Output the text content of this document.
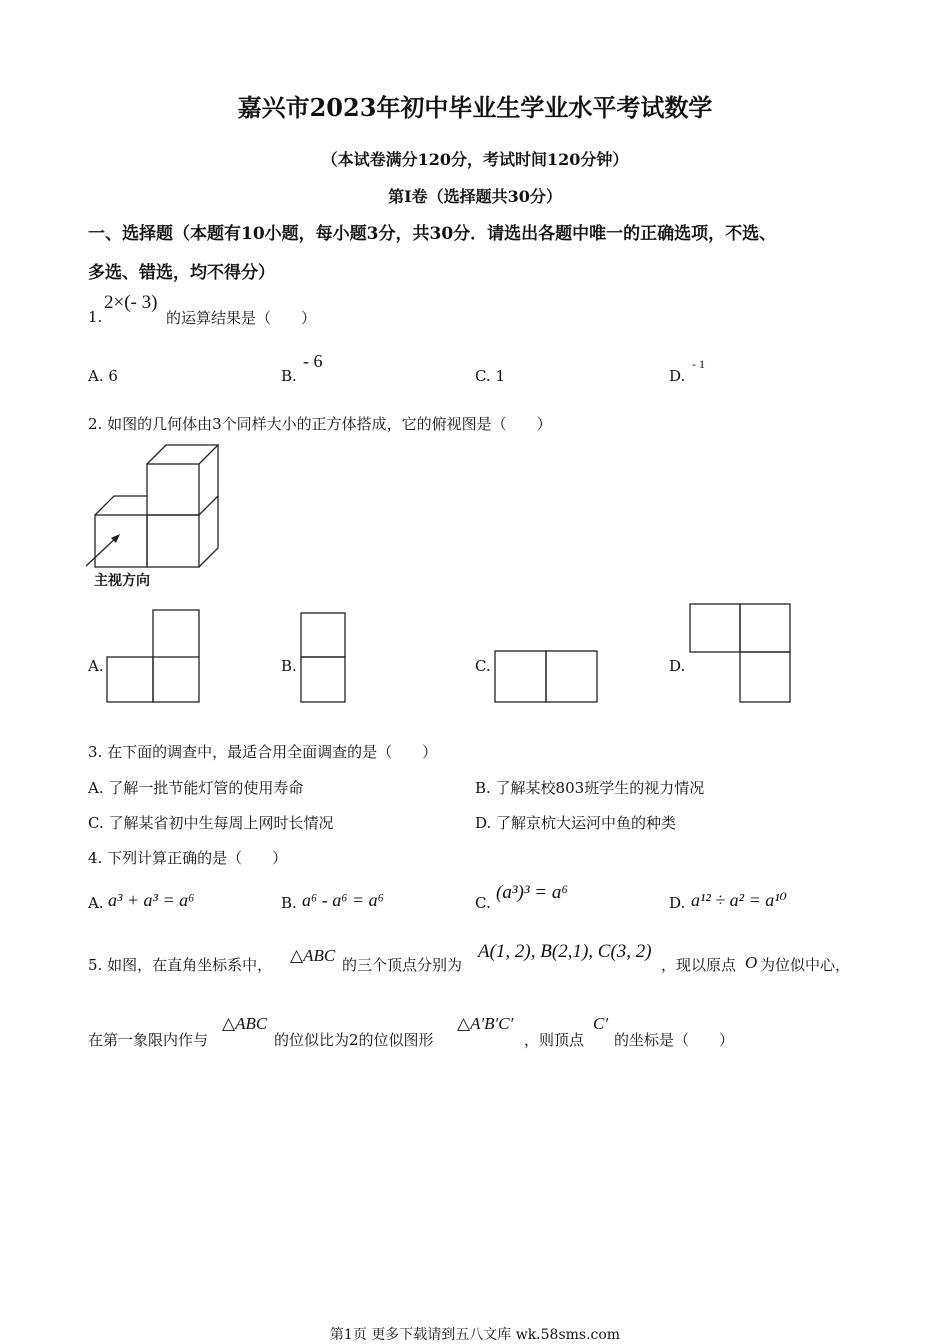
嘉兴市2023年初中毕业生学业水平考试数学
（本试卷满分120分，考试时间120分钟）
第I卷（选择题共30分）
一、选择题（本题有10小题，每小题3分，共30分．请选出各题中唯一的正确选项，不选、
多选、错选，均不得分）
1.
2×(- 3)
的运算结果是（　　）
A. 6	B.
- 6
C. 1	D.
- 1
2. 如图的几何体由3个同样大小的正方体搭成，它的俯视图是（　　）
主视方向
A.	B.	C.	D.
3. 在下面的调查中，最适合用全面调查的是（　　）
A. 了解一批节能灯管的使用寿命	B. 了解某校803班学生的视力情况
C. 了解某省初中生每周上网时长情况	D. 了解京杭大运河中鱼的种类
4. 下列计算正确的是（　　）
A. a³ + a³ = a⁶	B. a⁶ - a⁶ = a⁶	C. (a³)³ = a⁶	D. a¹² ÷ a² = a¹⁰
5. 如图，在直角坐标系中， △ABC 的三个顶点分别为
A(1, 2), B(2,1), C(3, 2)
，现以原点 O 为位似中心，
在第一象限内作与
△ABC
的位似比为2的位似图形
△A′B′C′
，则顶点
C′
的坐标是（　　）
第1页 更多下载请到五八文库 wk.58sms.com
